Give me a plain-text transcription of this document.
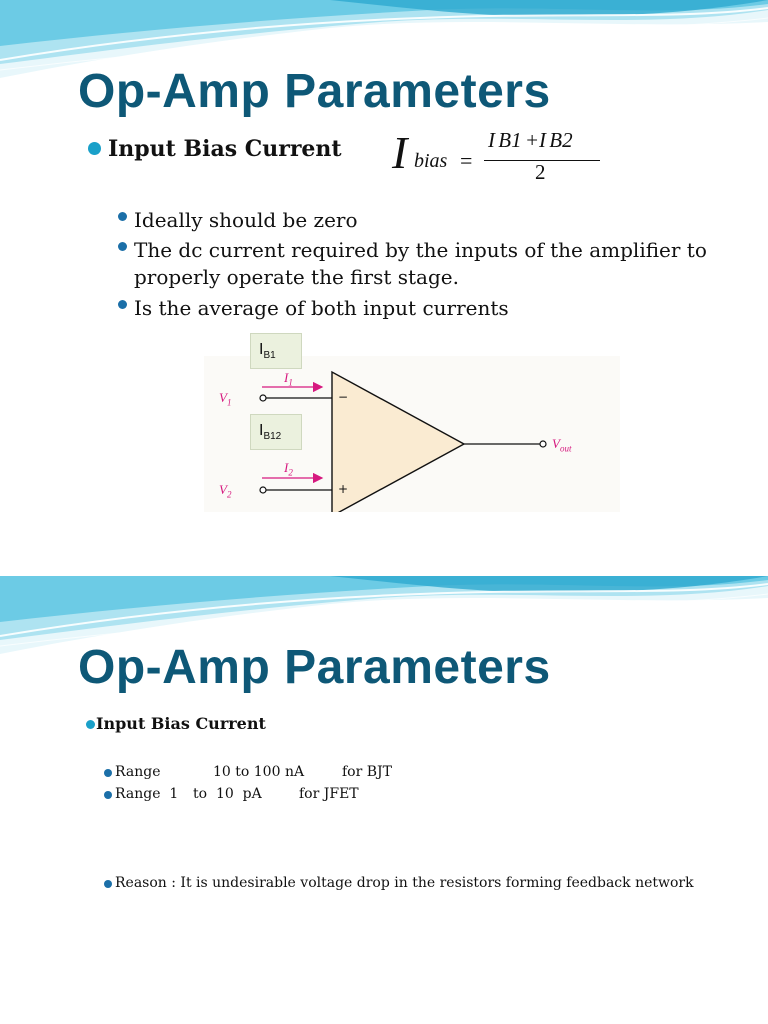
Op-Amp Parameters
Input Bias Current I bias =
I B1 +I B2
2
Ideally should be zero
The dc current required by the inputs of the amplifier to
properly operate the first stage.
Is the average of both input currents
$V_1$
$V_2$
$I_1$
$I_2$
−
+
$V_{out}$
$I_{B1}$
$I_{B12}$
Op-Amp Parameters
Input Bias Current
Range	10 to 100 nA	for BJT
Range  1 to  10  pA	for JFET
Reason : It is undesirable voltage drop in the resistors forming feedback network
